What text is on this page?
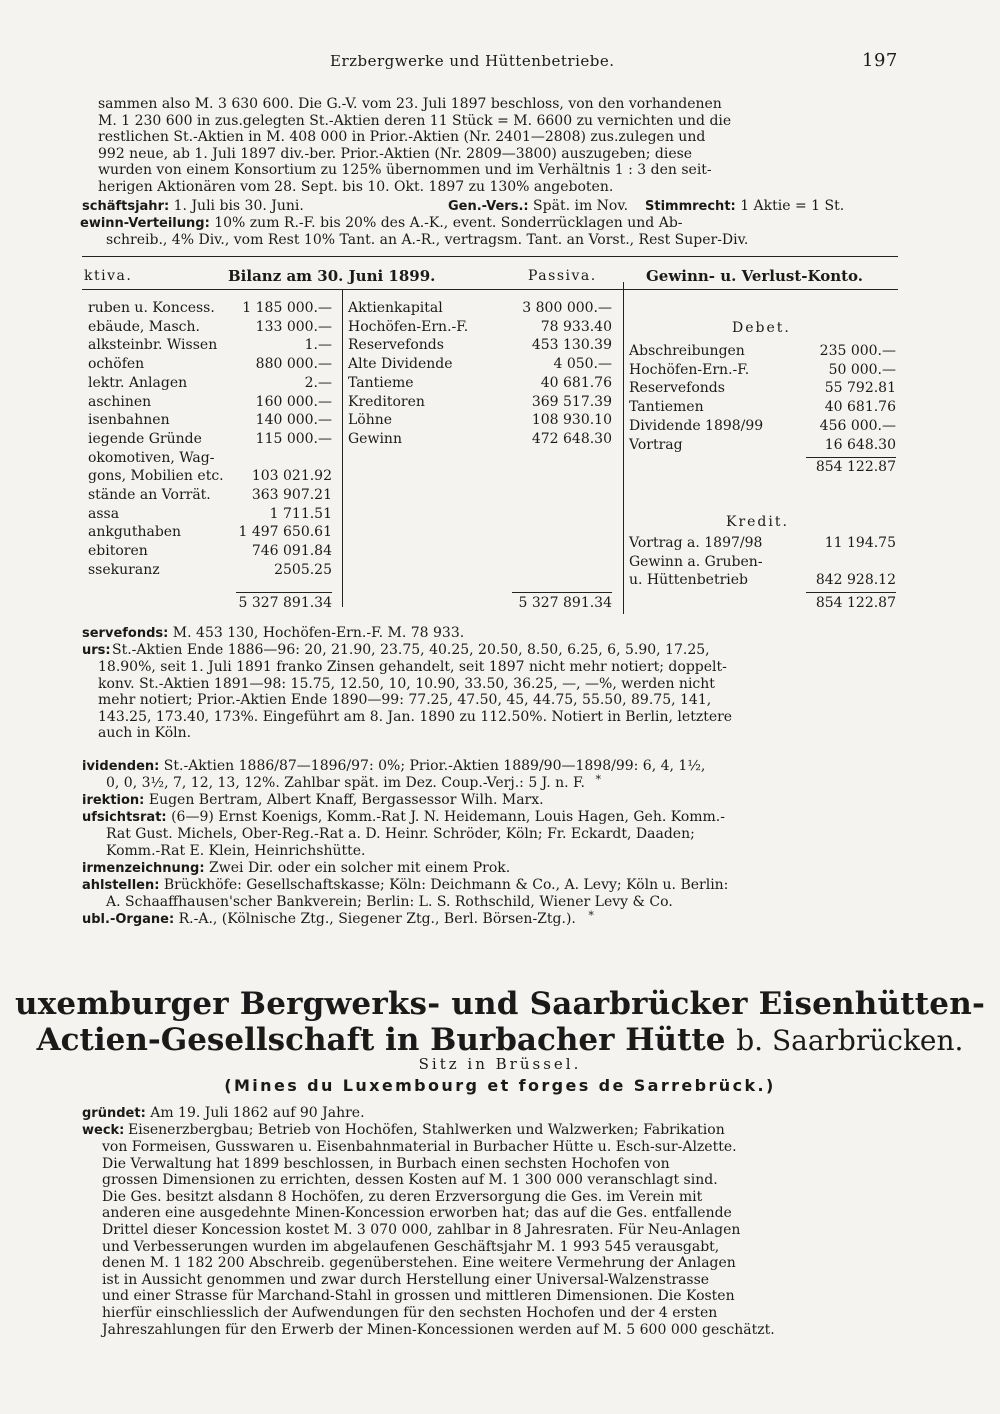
Erzbergwerke und Hüttenbetriebe.	197
sammen also M. 3 630 600. Die G.-V. vom 23. Juli 1897 beschloss, von den vorhandenen
M. 1 230 600 in zus.gelegten St.-Aktien deren 11 Stück = M. 6600 zu vernichten und die
restlichen St.-Aktien in M. 408 000 in Prior.-Aktien (Nr. 2401—2808) zus.zulegen und
992 neue, ab 1. Juli 1897 div.-ber. Prior.-Aktien (Nr. 2809—3800) auszugeben; diese
wurden von einem Konsortium zu 125% übernommen und im Verhältnis 1 : 3 den seit-
herigen Aktionären vom 28. Sept. bis 10. Okt. 1897 zu 130% angeboten.
schäftsjahr: 1. Juli bis 30. Juni.	Gen.-Vers.: Spät. im Nov. Stimmrecht: 1 Aktie = 1 St.
ewinn-Verteilung: 10% zum R.-F. bis 20% des A.-K., event. Sonderrücklagen und Ab-
schreib., 4% Div., vom Rest 10% Tant. an A.-R., vertragsm. Tant. an Vorst., Rest Super-Div.
ktiva.	Bilanz am 30. Juni 1899.	Passiva.	Gewinn- u. Verlust-Konto.
ruben u. Koncess.	1 185 000.—
ebäude, Masch.	133 000.—
alksteinbr. Wissen	1.—
ochöfen	880 000.—
lektr. Anlagen	2.—
aschinen	160 000.—
isenbahnen	140 000.—
iegende Gründe	115 000.—
okomotiven, Wag-
gons, Mobilien etc.	103 021.92
stände an Vorrät.	363 907.21
assa	1 711.51
ankguthaben	1 497 650.61
ebitoren	746 091.84
ssekuranz	2505.25
5 327 891.34
Aktienkapital	3 800 000.—
Hochöfen-Ern.-F.	78 933.40
Reservefonds	453 130.39
Alte Dividende	4 050.—
Tantieme	40 681.76
Kreditoren	369 517.39
Löhne	108 930.10
Gewinn	472 648.30
5 327 891.34
Debet.
Abschreibungen	235 000.—
Hochöfen-Ern.-F.	50 000.—
Reservefonds	55 792.81
Tantiemen	40 681.76
Dividende 1898/99	456 000.—
Vortrag	16 648.30
854 122.87
Kredit.
Vortrag a. 1897/98	11 194.75
Gewinn a. Gruben-
u. Hüttenbetrieb	842 928.12
854 122.87
servefonds: M. 453 130, Hochöfen-Ern.-F. M. 78 933.
urs: St.-Aktien Ende 1886—96: 20, 21.90, 23.75, 40.25, 20.50, 8.50, 6.25, 6, 5.90, 17.25,
18.90%, seit 1. Juli 1891 franko Zinsen gehandelt, seit 1897 nicht mehr notiert; doppelt-
konv. St.-Aktien 1891—98: 15.75, 12.50, 10, 10.90, 33.50, 36.25, —, —%, werden nicht
mehr notiert; Prior.-Aktien Ende 1890—99: 77.25, 47.50, 45, 44.75, 55.50, 89.75, 141,
143.25, 173.40, 173%. Eingeführt am 8. Jan. 1890 zu 112.50%. Notiert in Berlin, letztere
auch in Köln.
ividenden: St.-Aktien 1886/87—1896/97: 0%; Prior.-Aktien 1889/90—1898/99: 6, 4, 1½,
0, 0, 3½, 7, 12, 13, 12%. Zahlbar spät. im Dez. Coup.-Verj.: 5 J. n. F. *
irektion: Eugen Bertram, Albert Knaff, Bergassessor Wilh. Marx.
ufsichtsrat: (6—9) Ernst Koenigs, Komm.-Rat J. N. Heidemann, Louis Hagen, Geh. Komm.-
Rat Gust. Michels, Ober-Reg.-Rat a. D. Heinr. Schröder, Köln; Fr. Eckardt, Daaden;
Komm.-Rat E. Klein, Heinrichshütte.
irmenzeichnung: Zwei Dir. oder ein solcher mit einem Prok.
ahlstellen: Brückhöfe: Gesellschaftskasse; Köln: Deichmann & Co., A. Levy; Köln u. Berlin:
A. Schaaffhausen'scher Bankverein; Berlin: L. S. Rothschild, Wiener Levy & Co.
ubl.-Organe: R.-A., (Kölnische Ztg., Siegener Ztg., Berl. Börsen-Ztg.). *
uxemburger Bergwerks- und Saarbrücker Eisenhütten-
Actien-Gesellschaft in Burbacher Hütte b. Saarbrücken.
Sitz in Brüssel.
(Mines du Luxembourg et forges de Sarrebrück.)
gründet: Am 19. Juli 1862 auf 90 Jahre.
weck: Eisenerzbergbau; Betrieb von Hochöfen, Stahlwerken und Walzwerken; Fabrikation
von Formeisen, Gusswaren u. Eisenbahnmaterial in Burbacher Hütte u. Esch-sur-Alzette.
Die Verwaltung hat 1899 beschlossen, in Burbach einen sechsten Hochofen von
grossen Dimensionen zu errichten, dessen Kosten auf M. 1 300 000 veranschlagt sind.
Die Ges. besitzt alsdann 8 Hochöfen, zu deren Erzversorgung die Ges. im Verein mit
anderen eine ausgedehnte Minen-Koncession erworben hat; das auf die Ges. entfallende
Drittel dieser Koncession kostet M. 3 070 000, zahlbar in 8 Jahresraten. Für Neu-Anlagen
und Verbesserungen wurden im abgelaufenen Geschäftsjahr M. 1 993 545 verausgabt,
denen M. 1 182 200 Abschreib. gegenüberstehen. Eine weitere Vermehrung der Anlagen
ist in Aussicht genommen und zwar durch Herstellung einer Universal-Walzenstrasse
und einer Strasse für Marchand-Stahl in grossen und mittleren Dimensionen. Die Kosten
hierfür einschliesslich der Aufwendungen für den sechsten Hochofen und der 4 ersten
Jahreszahlungen für den Erwerb der Minen-Koncessionen werden auf M. 5 600 000 geschätzt.
